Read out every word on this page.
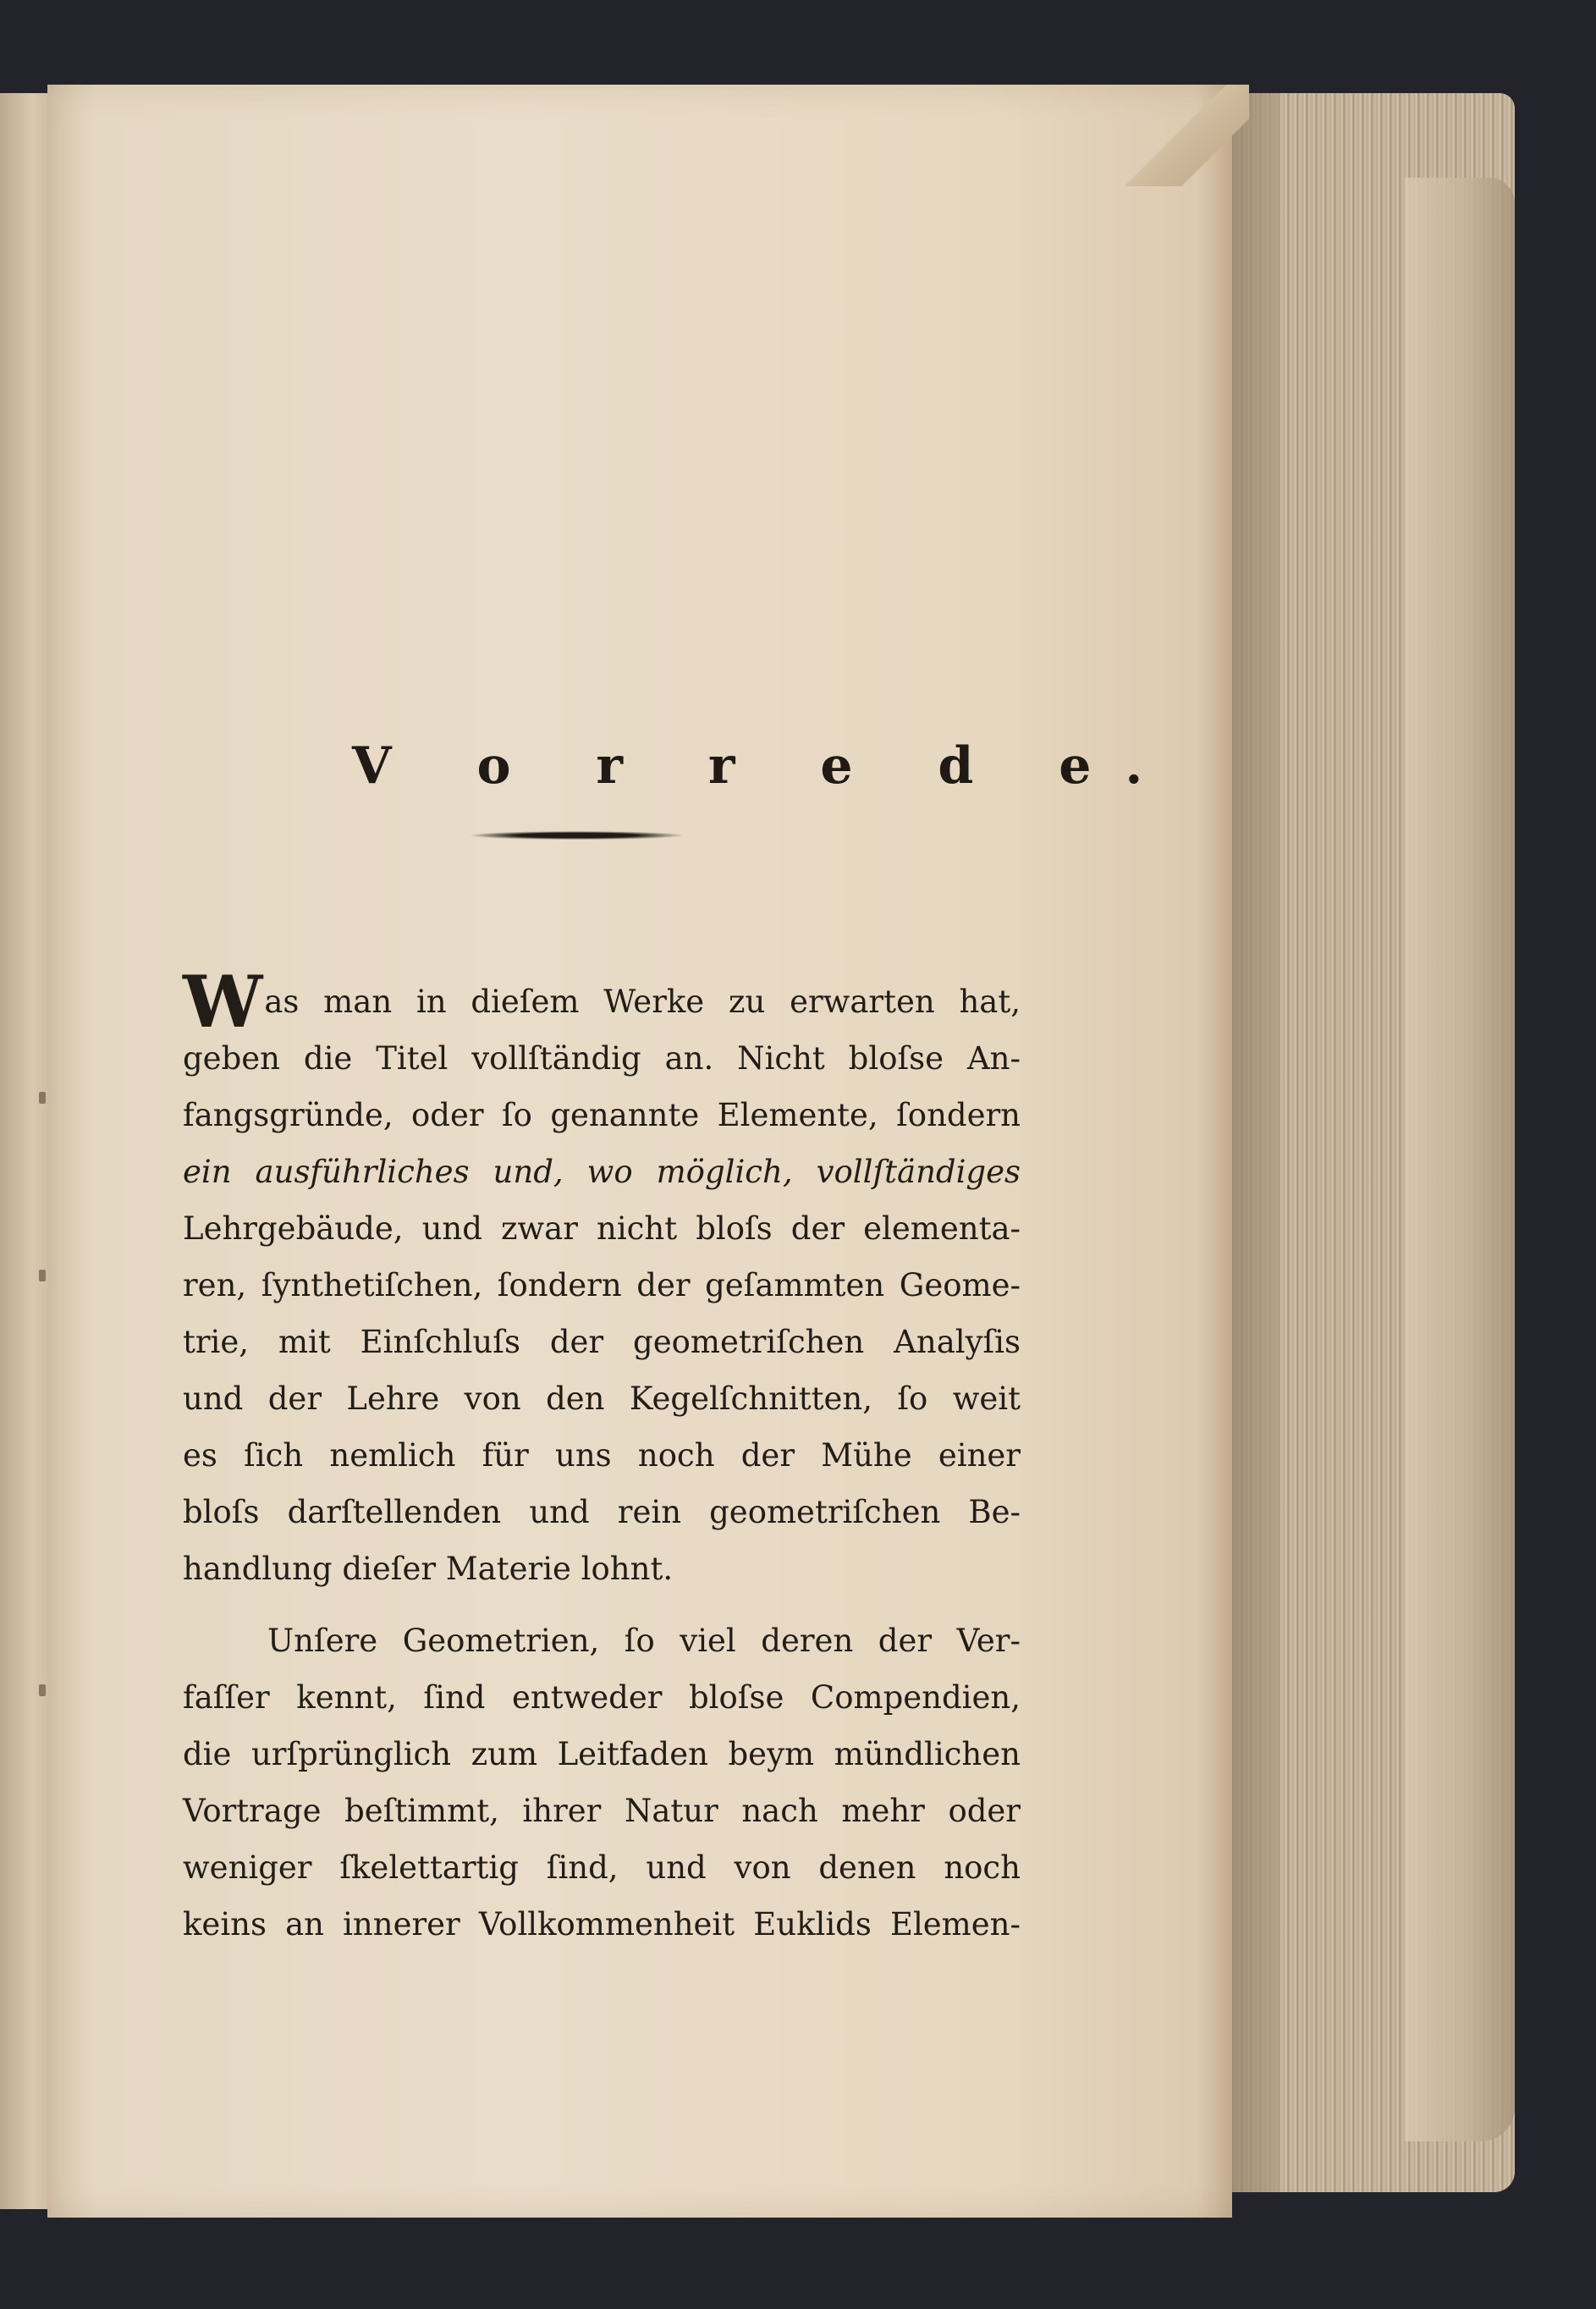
V o r r e d e.
Was man in dieſem Werke zu erwarten hat,
geben die Titel vollſtändig an. Nicht bloſse An-
fangsgründe, oder ſo genannte Elemente, ſondern
ein ausführliches und, wo möglich, vollſtändiges
Lehrgebäude, und zwar nicht bloſs der elementa-
ren, ſynthetiſchen, ſondern der geſammten Geome-
trie, mit Einſchluſs der geometriſchen Analyſis
und der Lehre von den Kegelſchnitten, ſo weit
es ſich nemlich für uns noch der Mühe einer
bloſs darſtellenden und rein geometriſchen Be-
handlung dieſer Materie lohnt.
Unſere Geometrien, ſo viel deren der Ver-
faſſer kennt, ſind entweder bloſse Compendien,
die urſprünglich zum Leitfaden beym mündlichen
Vortrage beſtimmt, ihrer Natur nach mehr oder
weniger ſkelettartig ſind, und von denen noch
keins an innerer Vollkommenheit Euklids Elemen-
